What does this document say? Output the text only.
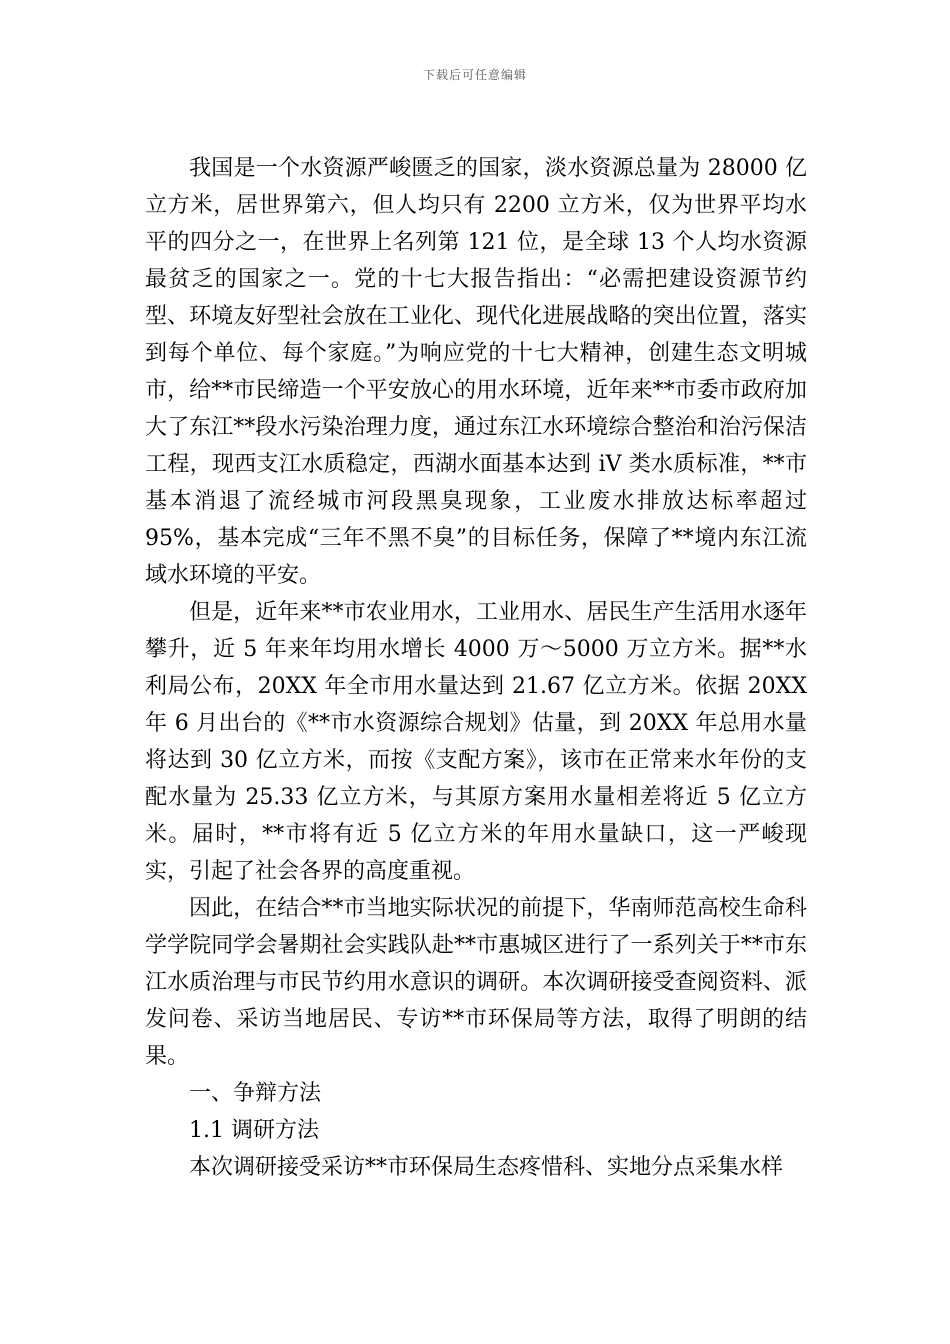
下载后可任意编辑

我国是一个水资源严峻匮乏的国家，淡水资源总量为 28000 亿立方米，居世界第六，但人均只有 2200 立方米，仅为世界平均水平的四分之一，在世界上名列第 121 位，是全球 13 个人均水资源最贫乏的国家之一。党的十七大报告指出：“必需把建设资源节约型、环境友好型社会放在工业化、现代化进展战略的突出位置，落实到每个单位、每个家庭。”为响应党的十七大精神，创建生态文明城市，给**市民缔造一个平安放心的用水环境，近年来**市委市政府加大了东江**段水污染治理力度，通过东江水环境综合整治和治污保洁工程，现西支江水质稳定，西湖水面基本达到 iV 类水质标准，**市基本消退了流经城市河段黑臭现象，工业废水排放达标率超过 95%，基本完成“三年不黑不臭”的目标任务，保障了**境内东江流域水环境的平安。

但是，近年来**市农业用水，工业用水、居民生产生活用水逐年攀升，近 5 年来年均用水增长 4000 万～5000 万立方米。据**水利局公布，20XX 年全市用水量达到 21.67 亿立方米。依据 20XX 年 6 月出台的《**市水资源综合规划》估量，到 20XX 年总用水量将达到 30 亿立方米，而按《支配方案》，该市在正常来水年份的支配水量为 25.33 亿立方米，与其原方案用水量相差将近 5 亿立方米。届时，**市将有近 5 亿立方米的年用水量缺口，这一严峻现实，引起了社会各界的高度重视。

因此，在结合**市当地实际状况的前提下，华南师范高校生命科学学院同学会暑期社会实践队赴**市惠城区进行了一系列关于**市东江水质治理与市民节约用水意识的调研。本次调研接受查阅资料、派发问卷、采访当地居民、专访**市环保局等方法，取得了明朗的结果。

一、争辩方法

1.1 调研方法

本次调研接受采访**市环保局生态疼惜科、实地分点采集水样
